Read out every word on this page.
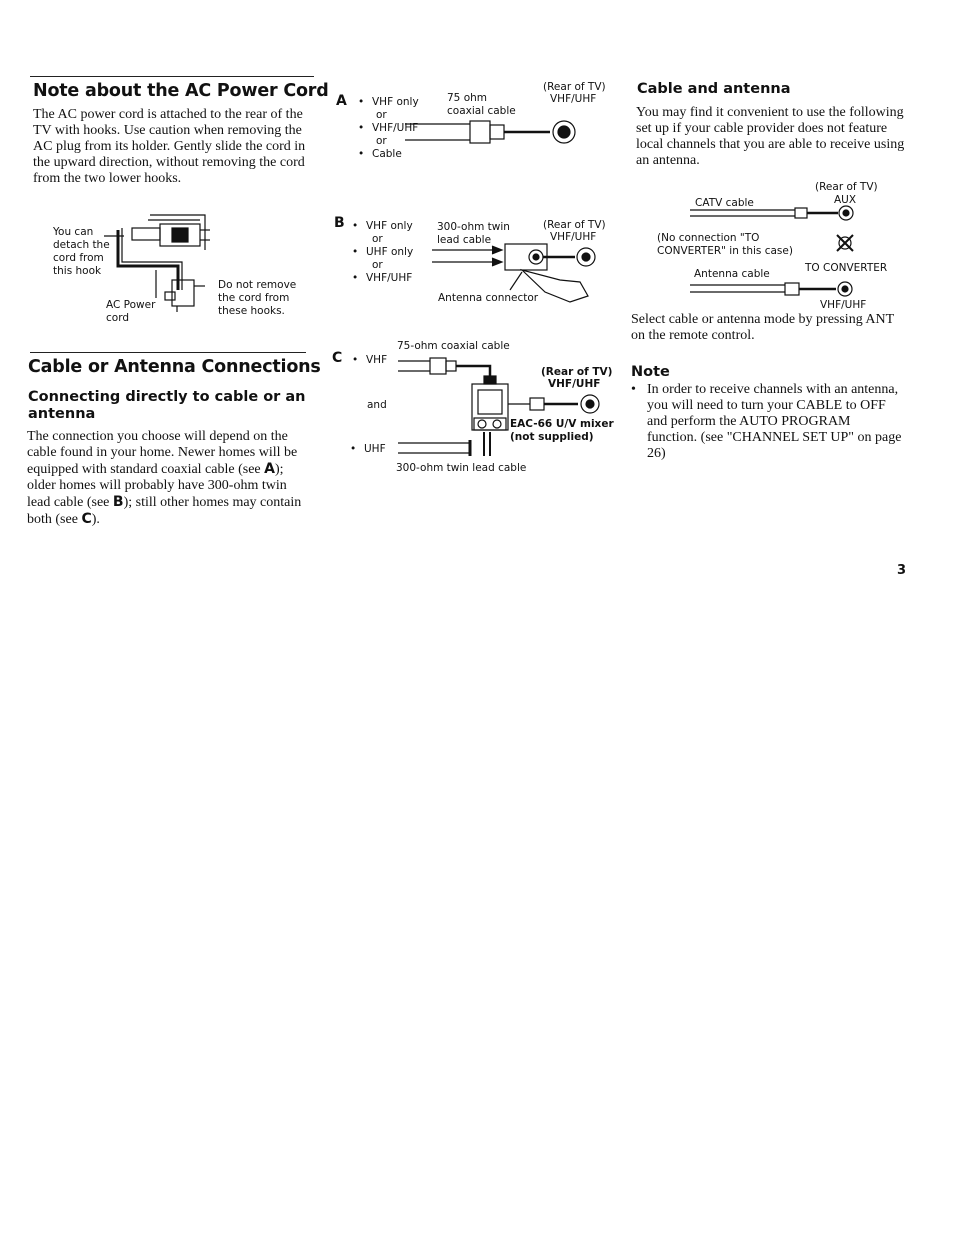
Note about the AC Power Cord
The AC power cord is attached to the rear of the TV with hooks. Use caution when removing the AC plug from its holder. Gently slide the cord in the upward direction, without removing the cord from the two lower hooks.
You can detach the cord from this hook
AC Power cord
Do not remove the cord from these hooks.
Cable or Antenna Connections
Connecting directly to cable or an antenna
The connection you choose will depend on the cable found in your home. Newer homes will be equipped with standard coaxial cable (see A); older homes will probably have 300-ohm twin lead cable (see B); still other homes may contain both (see C).
A • VHF only
or
• VHF/UHF
or
• Cable
75 ohm coaxial cable
(Rear of TV)
VHF/UHF
B • VHF only
or
• UHF only
or
• VHF/UHF
300-ohm twin lead cable
(Rear of TV)
VHF/UHF
Antenna connector
75-ohm coaxial cable
C • VHF
and
• UHF
(Rear of TV)
VHF/UHF
EAC-66 U/V mixer
(not supplied)
300-ohm twin lead cable
Cable and antenna
You may find it convenient to use the following set up if your cable provider does not feature local channels that you are able to receive using an antenna.
(Rear of TV)
CATV cable	AUX
(No connection "TO CONVERTER" in this case)
Antenna cable	TO CONVERTER
VHF/UHF
Select cable or antenna mode by pressing ANT on the remote control.
Note
• In order to receive channels with an antenna, you will need to turn your CABLE to OFF and perform the AUTO PROGRAM function. (see "CHANNEL SET UP" on page 26)
3
